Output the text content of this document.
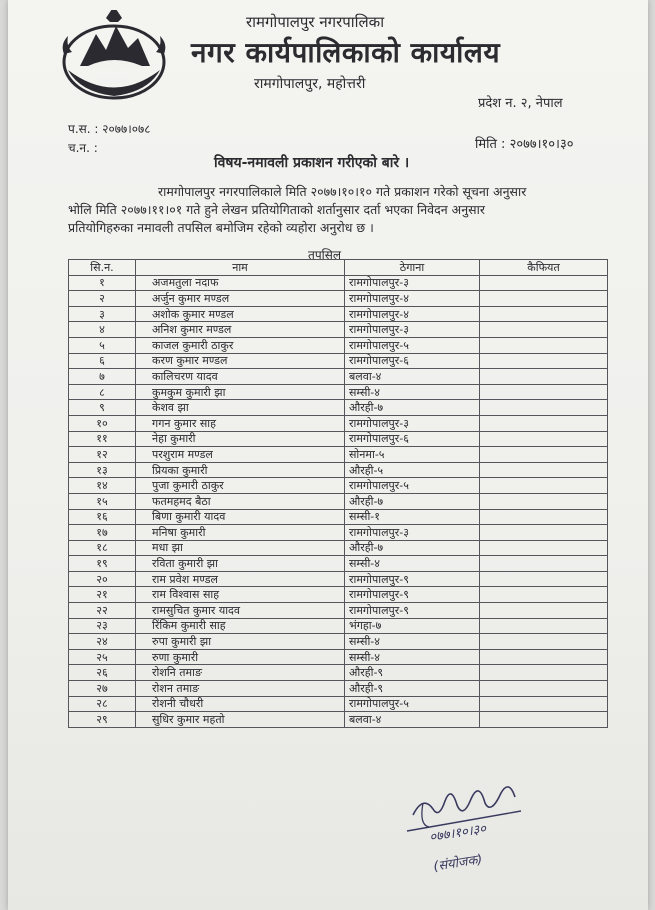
रामगोपालपुर नगरपालिका
नगर कार्यपालिकाको कार्यालय
रामगोपालपुर, महोत्तरी
प्रदेश न. २, नेपाल
प.स. : २०७७।०७८
च.न. :	मिति : २०७७।१०।३०
विषय-नमावली प्रकाशन गरीएको बारे ।
रामगोपालपुर नगरपालिकाले मिति २०७७।१०।१० गते प्रकाशन गरेको सूचना अनुसार
भोलि मिति २०७७।११।०१ गते हुने लेखन प्रतियोगिताको शर्तानुसार दर्ता भएका निवेदन अनुसार
प्रतियोगिहरुका नमावली तपसिल बमोजिम रहेको व्यहोरा अनुरोध छ ।
तपसिल
सि.न.	नाम	ठेगाना	कैफियत
१	अजमतुला नदाफ	रामगोपालपुर-३	
२	अर्जुन कुमार मण्डल	रामगोपालपुर-४	
३	अशोक कुमार मण्डल	रामगोपालपुर-४	
४	अनिश कुमार मण्डल	रामगोपालपुर-३	
५	काजल कुमारी ठाकुर	रामगोपालपुर-५	
६	करण कुमार मण्डल	रामगोपालपुर-६	
७	कालिचरण यादव	बलवा-४	
८	कुमकुम कुमारी झा	सम्सी-४	
९	केशव झा	औरही-७	
१०	गगन कुमार साह	रामगोपालपुर-३	
११	नेहा कुमारी	रामगोपालपुर-६	
१२	परशुराम मण्डल	सोनमा-५	
१३	प्रियका कुमारी	औरही-५	
१४	पुजा कुमारी ठाकुर	रामगोपालपुर-५	
१५	फतमहमद बैठा	औरही-७	
१६	बिणा कुमारी यादव	सम्सी-१	
१७	मनिषा कुमारी	रामगोपालपुर-३	
१८	मधा झा	औरही-७	
१९	रविता कुमारी झा	सम्सी-४	
२०	राम प्रवेश मण्डल	रामगोपालपुर-९	
२१	राम विश्वास साह	रामगोपालपुर-९	
२२	रामसुचित कुमार यादव	रामगोपालपुर-९	
२३	रिंकिम कुमारी साह	भंगहा-७	
२४	रुपा कुमारी झा	सम्सी-४	
२५	रुणा कुमारी	सम्सी-४	
२६	रोशनि तमाङ	औरही-९	
२७	रोशन तमाङ	औरही-९	
२८	रोशनी चौधरी	रामगोपालपुर-५	
२९	सुधिर कुमार महतो	बलवा-४	
०७७।१०।३०
(संयोजक)
